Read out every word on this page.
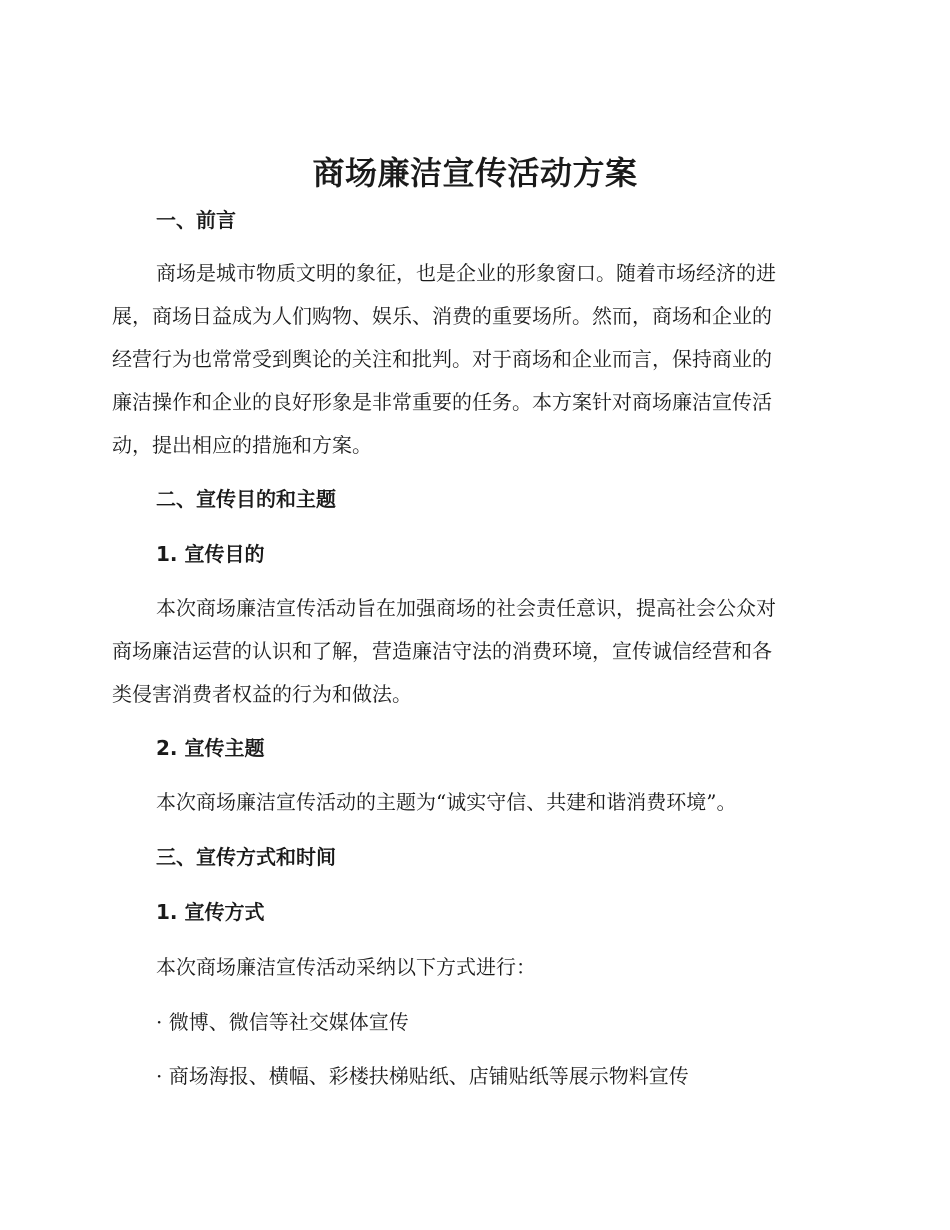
商场廉洁宣传活动方案
一、前言
商场是城市物质文明的象征，也是企业的形象窗口。随着市场经济的进
展，商场日益成为人们购物、娱乐、消费的重要场所。然而，商场和企业的
经营行为也常常受到舆论的关注和批判。对于商场和企业而言，保持商业的
廉洁操作和企业的良好形象是非常重要的任务。本方案针对商场廉洁宣传活
动，提出相应的措施和方案。
二、宣传目的和主题
1. 宣传目的
本次商场廉洁宣传活动旨在加强商场的社会责任意识，提高社会公众对
商场廉洁运营的认识和了解，营造廉洁守法的消费环境，宣传诚信经营和各
类侵害消费者权益的行为和做法。
2. 宣传主题
本次商场廉洁宣传活动的主题为“诚实守信、共建和谐消费环境”。
三、宣传方式和时间
1. 宣传方式
本次商场廉洁宣传活动采纳以下方式进行：
· 微博、微信等社交媒体宣传
· 商场海报、横幅、彩楼扶梯贴纸、店铺贴纸等展示物料宣传
